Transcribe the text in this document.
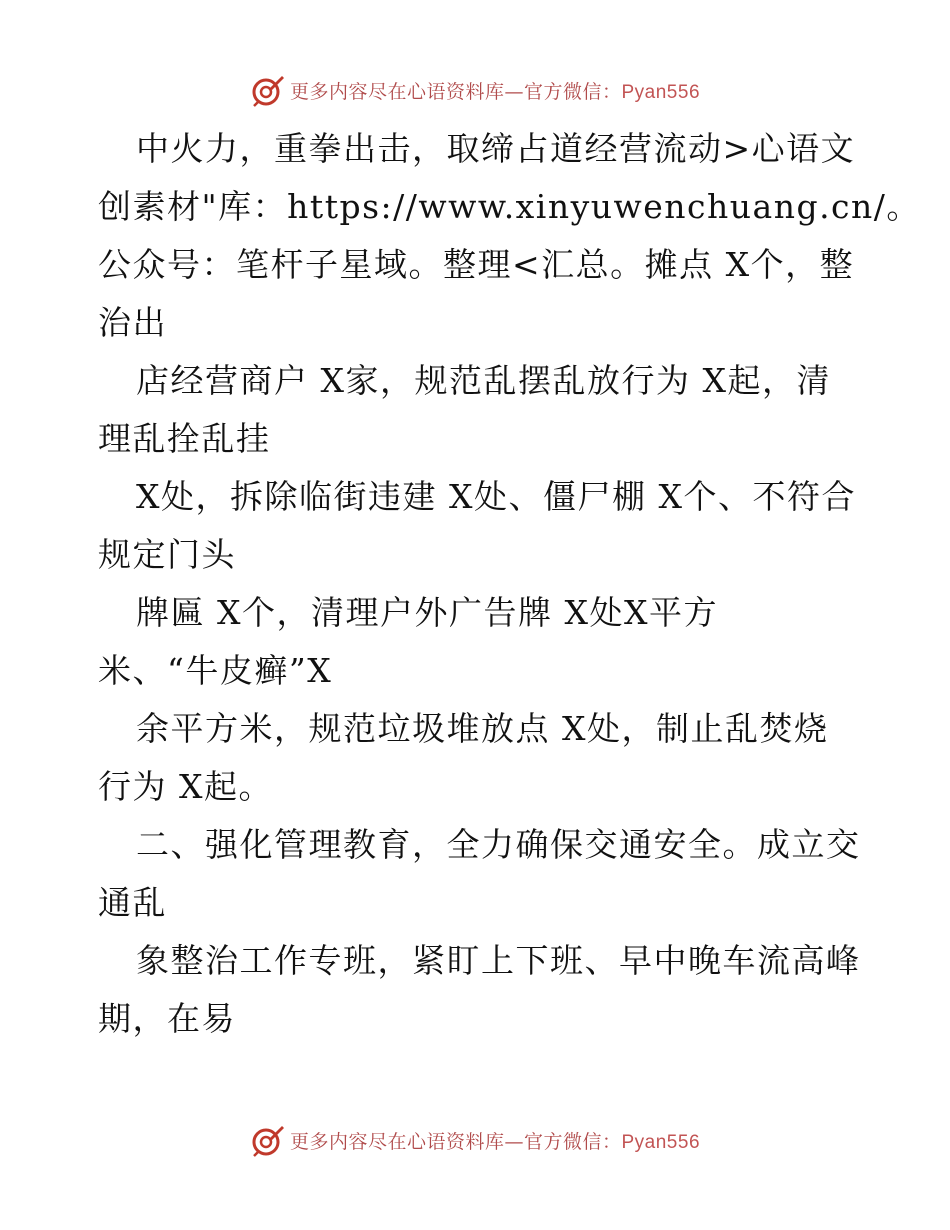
更多内容尽在心语资料库—官方微信：Pyan556
中火力，重拳出击，取缔占道经营流动>心语文
创素材"库：https://www.xinyuwenchuang.cn/。
公众号：笔杆子星域。整理<汇总。摊点 X个，整
治出
店经营商户 X家，规范乱摆乱放行为 X起，清
理乱拴乱挂
X处，拆除临街违建 X处、僵尸棚 X个、不符合
规定门头
牌匾 X个，清理户外广告牌 X处X平方
米、“牛皮癣”X
余平方米，规范垃圾堆放点 X处，制止乱焚烧
行为 X起。
二、强化管理教育，全力确保交通安全。成立交
通乱
象整治工作专班，紧盯上下班、早中晚车流高峰
期，在易
更多内容尽在心语资料库—官方微信：Pyan556
